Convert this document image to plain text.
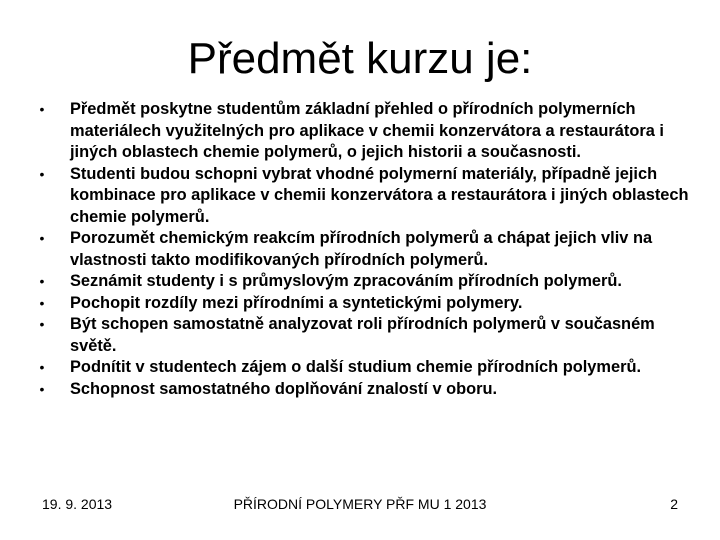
Předmět kurzu je:
•	Předmět poskytne studentům základní přehled o přírodních polymerních materiálech využitelných pro aplikace v chemii konzervátora a restaurátora i jiných oblastech chemie polymerů, o jejich historii a současnosti.
•	Studenti budou schopni vybrat vhodné polymerní materiály, případně jejich kombinace pro aplikace v chemii konzervátora a restaurátora i jiných oblastech chemie polymerů.
•	Porozumět chemickým reakcím přírodních polymerů a chápat jejich vliv na vlastnosti takto modifikovaných přírodních polymerů.
•	Seznámit studenty i s průmyslovým zpracováním přírodních polymerů.
•	Pochopit rozdíly mezi přírodními a syntetickými polymery.
•	Být schopen samostatně analyzovat roli přírodních polymerů v současném světě.
•	Podnítit v studentech zájem o další studium chemie přírodních polymerů.
•	Schopnost samostatného doplňování znalostí v oboru.
19. 9. 2013	PŘÍRODNÍ POLYMERY PŘF MU 1 2013	2
